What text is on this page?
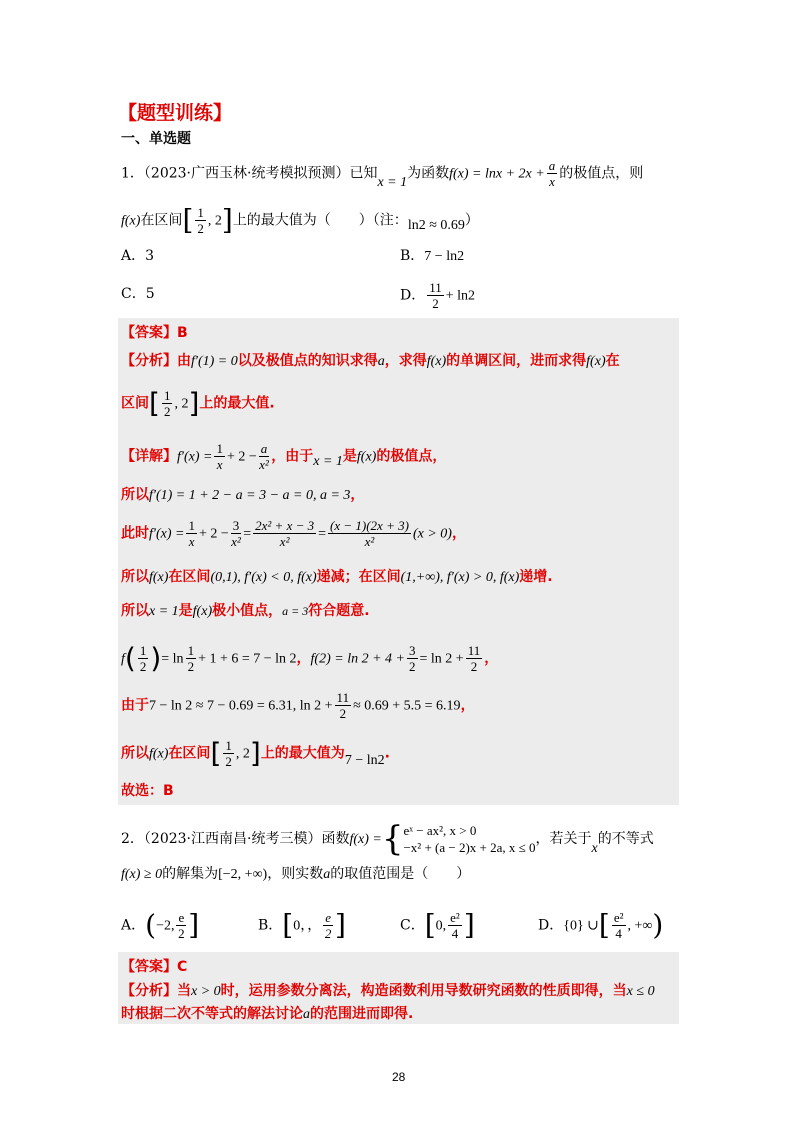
【题型训练】
一、单选题
1．（2023·广西玉林·统考模拟预测）已知x = 1为函数$f(x) = \ln x + 2x + \frac{a}{x}$ 的极值点，则
f(x)在区间[ $\frac{1}{2}$ , 2]上的最大值为（　　）（注：ln2 ≈ 0.69）
A．3	B．7 − ln2
C．5	D． $\frac{11}{2} + \ln 2$
【答案】B
【分析】由f′(1) = 0以及极值点的知识求得a，求得f(x)的单调区间，进而求得f(x)在
区间[ $\frac{1}{2}$ , 2]上的最大值.
【详解】$f'(x) = \frac{1}{x} + 2 - \frac{a}{\text{x²}}$ ，由于x = 1是f(x)的极值点，
所以f′(1) = 1 + 2 − a = 3 − a = 0, a = 3，
此时$f'(x) = \frac{1}{x} + 2 - \frac{3}{\text{x²}} = \frac{\text{2x² + x − 3}}{\text{x²}} = \frac{(x - 1)(2x + 3)}{\text{x²}} (x > 0)$，
所以f(x)在区间(0,1), f′(x) < 0, f(x)递减；在区间(1,+∞), f′(x) > 0, f(x)递增.
所以x = 1是f(x)极小值点，a = 3符合题意.
$f( \frac{1}{2}$ )= $\ln \frac{1}{2} + 1 + 6 = 7 - \ln 2$，$f(2) = \ln 2 + 4 + \frac{3}{2} = \ln 2 + \frac{11}{2}$ ，
由于7 − ln 2 ≈ 7 − 0.69 = 6.31, $\ln 2 + \frac{11}{2} \approx 0.69 + 5.5 = 6.19$，
所以f(x)在区间[ $\frac{1}{2}$ , 2]上的最大值为7 − ln2.
故选：B
2．（2023·江西南昌·统考三模）函数f(x) ={ eˣ − ax², x > 0
−x² + (a − 2)x + 2a, x ≤ 0
，若关于x的不等式
f(x) ≥ 0的解集为[−2, +∞)，则实数a的取值范围是（　　）
A．(−2, $\frac{e}{2}$ ]	B．[0，， $\frac{e}{2}$ ]	C．[0, $\frac{\text{e²}}{4}$ ]	D．{0} ∪[ $\frac{\text{e²}}{4}$ , +∞)
【答案】C
【分析】当x > 0时，运用参数分离法，构造函数利用导数研究函数的性质即得，当x ≤ 0
时根据二次不等式的解法讨论a的范围进而即得.
28
